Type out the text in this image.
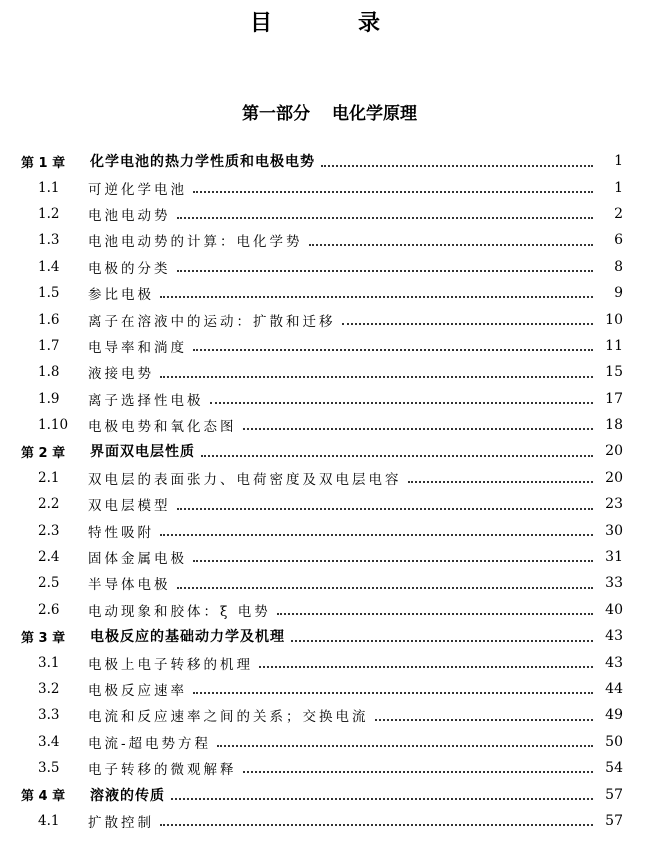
目	录
第一部分 电化学原理
第 1 章 化学电池的热力学性质和电极电势	1
1.1 可逆化学电池	1
1.2 电池电动势	2
1.3 电池电动势的计算：电化学势	6
1.4 电极的分类	8
1.5 参比电极	9
1.6 离子在溶液中的运动：扩散和迁移	10
1.7 电导率和淌度	11
1.8 液接电势	15
1.9 离子选择性电极	17
1.10 电极电势和氧化态图	18
第 2 章 界面双电层性质	20
2.1 双电层的表面张力、电荷密度及双电层电容	20
2.2 双电层模型	23
2.3 特性吸附	30
2.4 固体金属电极	31
2.5 半导体电极	33
2.6 电动现象和胶体：ξ 电势	40
第 3 章 电极反应的基础动力学及机理	43
3.1 电极上电子转移的机理	43
3.2 电极反应速率	44
3.3 电流和反应速率之间的关系；交换电流	49
3.4 电流-超电势方程	50
3.5 电子转移的微观解释	54
第 4 章 溶液的传质	57
4.1 扩散控制	57
